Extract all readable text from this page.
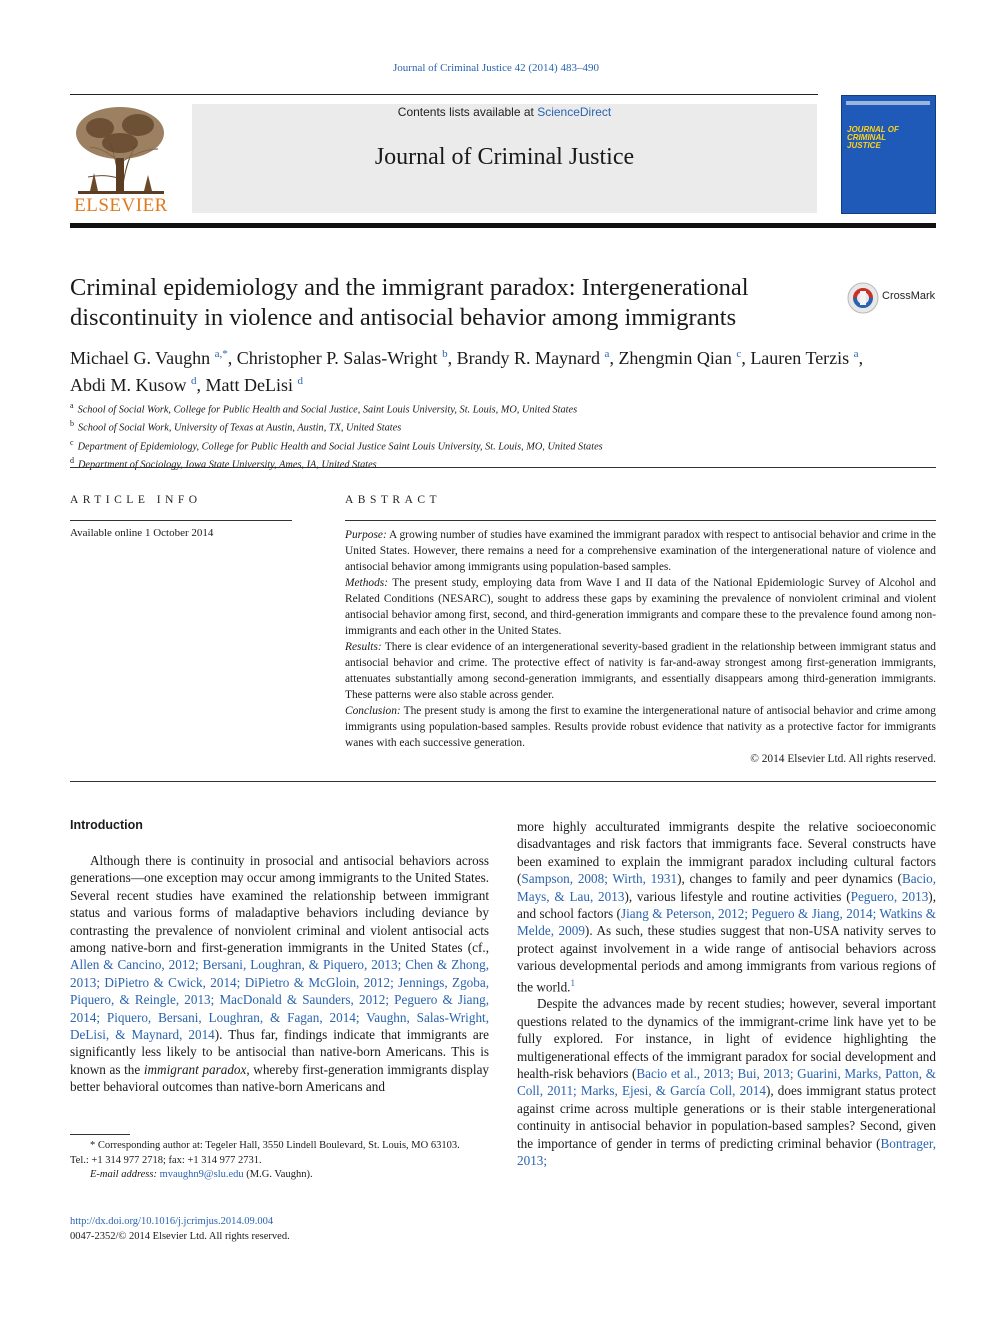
Journal of Criminal Justice 42 (2014) 483–490
ELSEVIER
Contents lists available at ScienceDirect
Journal of Criminal Justice
JOURNAL OF CRIMINAL JUSTICE
Criminal epidemiology and the immigrant paradox: Intergenerational discontinuity in violence and antisocial behavior among immigrants
CrossMark
Michael G. Vaughn $^{a,*}$, Christopher P. Salas-Wright $^b$, Brandy R. Maynard $^a$, Zhengmin Qian $^c$, Lauren Terzis $^a$,
Abdi M. Kusow $^d$, Matt DeLisi $^d$
$^a$ School of Social Work, College for Public Health and Social Justice, Saint Louis University, St. Louis, MO, United States
$^b$ School of Social Work, University of Texas at Austin, Austin, TX, United States
$^c$ Department of Epidemiology, College for Public Health and Social Justice Saint Louis University, St. Louis, MO, United States
$^d$ Department of Sociology, Iowa State University, Ames, IA, United States
ARTICLE INFO	ABSTRACT
Available online 1 October 2014	Purpose: A growing number of studies have examined the immigrant paradox with respect to antisocial behavior and crime in the United States. However, there remains a need for a comprehensive examination of the intergenerational nature of violence and antisocial behavior among immigrants using population-based samples.

Methods: The present study, employing data from Wave I and II data of the National Epidemiologic Survey of Alcohol and Related Conditions (NESARC), sought to address these gaps by examining the prevalence of nonviolent criminal and violent antisocial behavior among first, second, and third-generation immigrants and compare these to the prevalence found among non-immigrants and each other in the United States.

Results: There is clear evidence of an intergenerational severity-based gradient in the relationship between immigrant status and antisocial behavior and crime. The protective effect of nativity is far-and-away strongest among first-generation immigrants, attenuates substantially among second-generation immigrants, and essentially disappears among third-generation immigrants. These patterns were also stable across gender.

Conclusion: The present study is among the first to examine the intergenerational nature of antisocial behavior and crime among immigrants using population-based samples. Results provide robust evidence that nativity as a protective factor for immigrants wanes with each successive generation.

© 2014 Elsevier Ltd. All rights reserved.

Introduction

Although there is continuity in prosocial and antisocial behaviors across generations—one exception may occur among immigrants to the United States. Several recent studies have examined the relationship between immigrant status and various forms of maladaptive behaviors including deviance by contrasting the prevalence of nonviolent criminal and violent antisocial acts among native-born and first-generation immigrants in the United States (cf., Allen & Cancino, 2012; Bersani, Loughran, & Piquero, 2013; Chen & Zhong, 2013; DiPietro & Cwick, 2014; DiPietro & McGloin, 2012; Jennings, Zgoba, Piquero, & Reingle, 2013; MacDonald & Saunders, 2012; Peguero & Jiang, 2014; Piquero, Bersani, Loughran, & Fagan, 2014; Vaughn, Salas-Wright, DeLisi, & Maynard, 2014). Thus far, findings indicate that immigrants are significantly less likely to be antisocial than native-born Americans. This is known as the immigrant paradox, whereby first-generation immigrants display better behavioral outcomes than native-born Americans and

more highly acculturated immigrants despite the relative socioeconomic disadvantages and risk factors that immigrants face. Several constructs have been examined to explain the immigrant paradox including cultural factors (Sampson, 2008; Wirth, 1931), changes to family and peer dynamics (Bacio, Mays, & Lau, 2013), various lifestyle and routine activities (Peguero, 2013), and school factors (Jiang & Peterson, 2012; Peguero & Jiang, 2014; Watkins & Melde, 2009). As such, these studies suggest that non-USA nativity serves to protect against involvement in a wide range of antisocial behaviors across various developmental periods and among immigrants from various regions of the world.$^1$

Despite the advances made by recent studies; however, several important questions related to the dynamics of the immigrant-crime link have yet to be fully explored. For instance, in light of evidence highlighting the multigenerational effects of the immigrant paradox for social development and health-risk behaviors (Bacio et al., 2013; Bui, 2013; Guarini, Marks, Patton, & Coll, 2011; Marks, Ejesi, & García Coll, 2014), does immigrant status protect against crime across multiple generations or is their stable intergenerational continuity in antisocial behavior in population-based samples? Second, given the importance of gender in terms of predicting criminal behavior (Bontrager, 2013;

* Corresponding author at: Tegeler Hall, 3550 Lindell Boulevard, St. Louis, MO 63103.
Tel.: +1 314 977 2718; fax: +1 314 977 2731.
E-mail address: mvaughn9@slu.edu (M.G. Vaughn).
http://dx.doi.org/10.1016/j.jcrimjus.2014.09.004
0047-2352/© 2014 Elsevier Ltd. All rights reserved.
